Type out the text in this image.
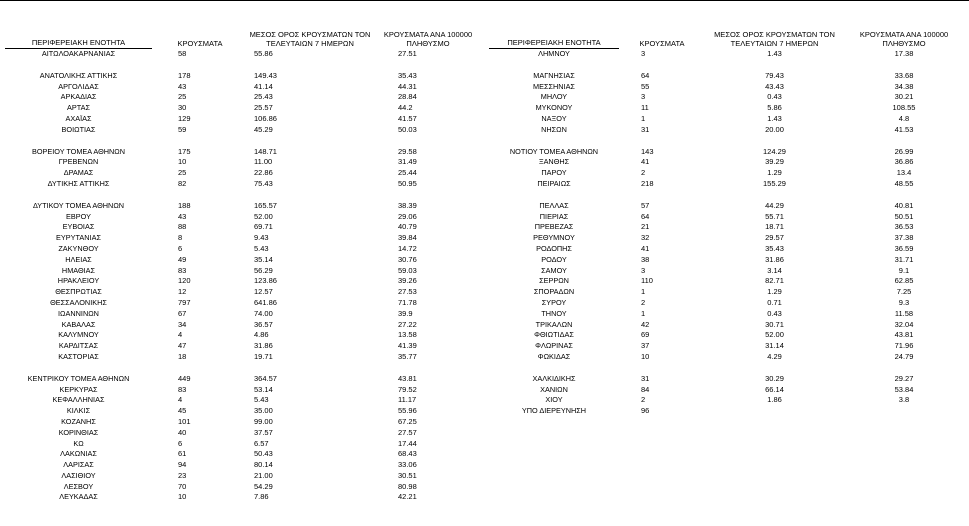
ΠΕΡΙΦΕΡΕΙΑΚΗ ΕΝΟΤΗΤΑ	ΚΡΟΥΣΜΑΤΑ	ΜΕΣΟΣ ΟΡΟΣ ΚΡΟΥΣΜΑΤΩΝ ΤΟΝ ΤΕΛΕΥΤΑΙΩΝ 7 ΗΜΕΡΩΝ	ΚΡΟΥΣΜΑΤΑ ΑΝΑ 100000 ΠΛΗΘΥΣΜΟ
ΑΙΤΩΛΟΑΚΑΡΝΑΝΙΑΣ	58	55.86	27.51

ΑΝΑΤΟΛΙΚΗΣ ΑΤΤΙΚΗΣ	178	149.43	35.43
ΑΡΓΟΛΙΔΑΣ	43	41.14	44.31
ΑΡΚΑΔΙΑΣ	25	25.43	28.84
ΑΡΤΑΣ	30	25.57	44.2
ΑΧΑΪΑΣ	129	106.86	41.57
ΒΟΙΩΤΙΑΣ	59	45.29	50.03

ΒΟΡΕΙΟΥ ΤΟΜΕΑ ΑΘΗΝΩΝ	175	148.71	29.58
ΓΡΕΒΕΝΩΝ	10	11.00	31.49
ΔΡΑΜΑΣ	25	22.86	25.44
ΔΥΤΙΚΗΣ ΑΤΤΙΚΗΣ	82	75.43	50.95

ΔΥΤΙΚΟΥ ΤΟΜΕΑ ΑΘΗΝΩΝ	188	165.57	38.39
ΕΒΡΟΥ	43	52.00	29.06
ΕΥΒΟΙΑΣ	88	69.71	40.79
ΕΥΡΥΤΑΝΙΑΣ	8	9.43	39.84
ΖΑΚΥΝΘΟΥ	6	5.43	14.72
ΗΛΕΙΑΣ	49	35.14	30.76
ΗΜΑΘΙΑΣ	83	56.29	59.03
ΗΡΑΚΛΕΙΟΥ	120	123.86	39.26
ΘΕΣΠΡΩΤΙΑΣ	12	12.57	27.53
ΘΕΣΣΑΛΟΝΙΚΗΣ	797	641.86	71.78
ΙΩΑΝΝΙΝΩΝ	67	74.00	39.9
ΚΑΒΑΛΑΣ	34	36.57	27.22
ΚΑΛΥΜΝΟΥ	4	4.86	13.58
ΚΑΡΔΙΤΣΑΣ	47	31.86	41.39
ΚΑΣΤΟΡΙΑΣ	18	19.71	35.77

ΚΕΝΤΡΙΚΟΥ ΤΟΜΕΑ ΑΘΗΝΩΝ	449	364.57	43.81
ΚΕΡΚΥΡΑΣ	83	53.14	79.52
ΚΕΦΑΛΛΗΝΙΑΣ	4	5.43	11.17
ΚΙΛΚΙΣ	45	35.00	55.96
ΚΟΖΑΝΗΣ	101	99.00	67.25
ΚΟΡΙΝΘΙΑΣ	40	37.57	27.57
ΚΩ	6	6.57	17.44
ΛΑΚΩΝΙΑΣ	61	50.43	68.43
ΛΑΡΙΣΑΣ	94	80.14	33.06
ΛΑΣΙΘΙΟΥ	23	21.00	30.51
ΛΕΣΒΟΥ	70	54.29	80.98
ΛΕΥΚΑΔΑΣ	10	7.86	42.21
ΠΕΡΙΦΕΡΕΙΑΚΗ ΕΝΟΤΗΤΑ	ΚΡΟΥΣΜΑΤΑ	ΜΕΣΟΣ ΟΡΟΣ ΚΡΟΥΣΜΑΤΩΝ ΤΟΝ ΤΕΛΕΥΤΑΙΩΝ 7 ΗΜΕΡΩΝ	ΚΡΟΥΣΜΑΤΑ ΑΝΑ 100000 ΠΛΗΘΥΣΜΟ
ΛΗΜΝΟΥ	3	1.43	17.38

ΜΑΓΝΗΣΙΑΣ	64	79.43	33.68
ΜΕΣΣΗΝΙΑΣ	55	43.43	34.38
ΜΗΛΟΥ	3	0.43	30.21
ΜΥΚΟΝΟΥ	11	5.86	108.55
ΝΑΞΟΥ	1	1.43	4.8
ΝΗΣΩΝ	31	20.00	41.53

ΝΟΤΙΟΥ ΤΟΜΕΑ ΑΘΗΝΩΝ	143	124.29	26.99
ΞΑΝΘΗΣ	41	39.29	36.86
ΠΑΡΟΥ	2	1.29	13.4
ΠΕΙΡΑΙΩΣ	218	155.29	48.55

ΠΕΛΛΑΣ	57	44.29	40.81
ΠΙΕΡΙΑΣ	64	55.71	50.51
ΠΡΕΒΕΖΑΣ	21	18.71	36.53
ΡΕΘΥΜΝΟΥ	32	29.57	37.38
ΡΟΔΟΠΗΣ	41	35.43	36.59
ΡΟΔΟΥ	38	31.86	31.71
ΣΑΜΟΥ	3	3.14	9.1
ΣΕΡΡΩΝ	110	82.71	62.85
ΣΠΟΡΑΔΩΝ	1	1.29	7.25
ΣΥΡΟΥ	2	0.71	9.3
ΤΗΝΟΥ	1	0.43	11.58
ΤΡΙΚΑΛΩΝ	42	30.71	32.04
ΦΘΙΩΤΙΔΑΣ	69	52.00	43.81
ΦΛΩΡΙΝΑΣ	37	31.14	71.96
ΦΩΚΙΔΑΣ	10	4.29	24.79

ΧΑΛΚΙΔΙΚΗΣ	31	30.29	29.27
ΧΑΝΙΩΝ	84	66.14	53.84
ΧΙΟΥ	2	1.86	3.8
ΥΠΟ ΔΙΕΡΕΥΝΗΣΗ	96		
